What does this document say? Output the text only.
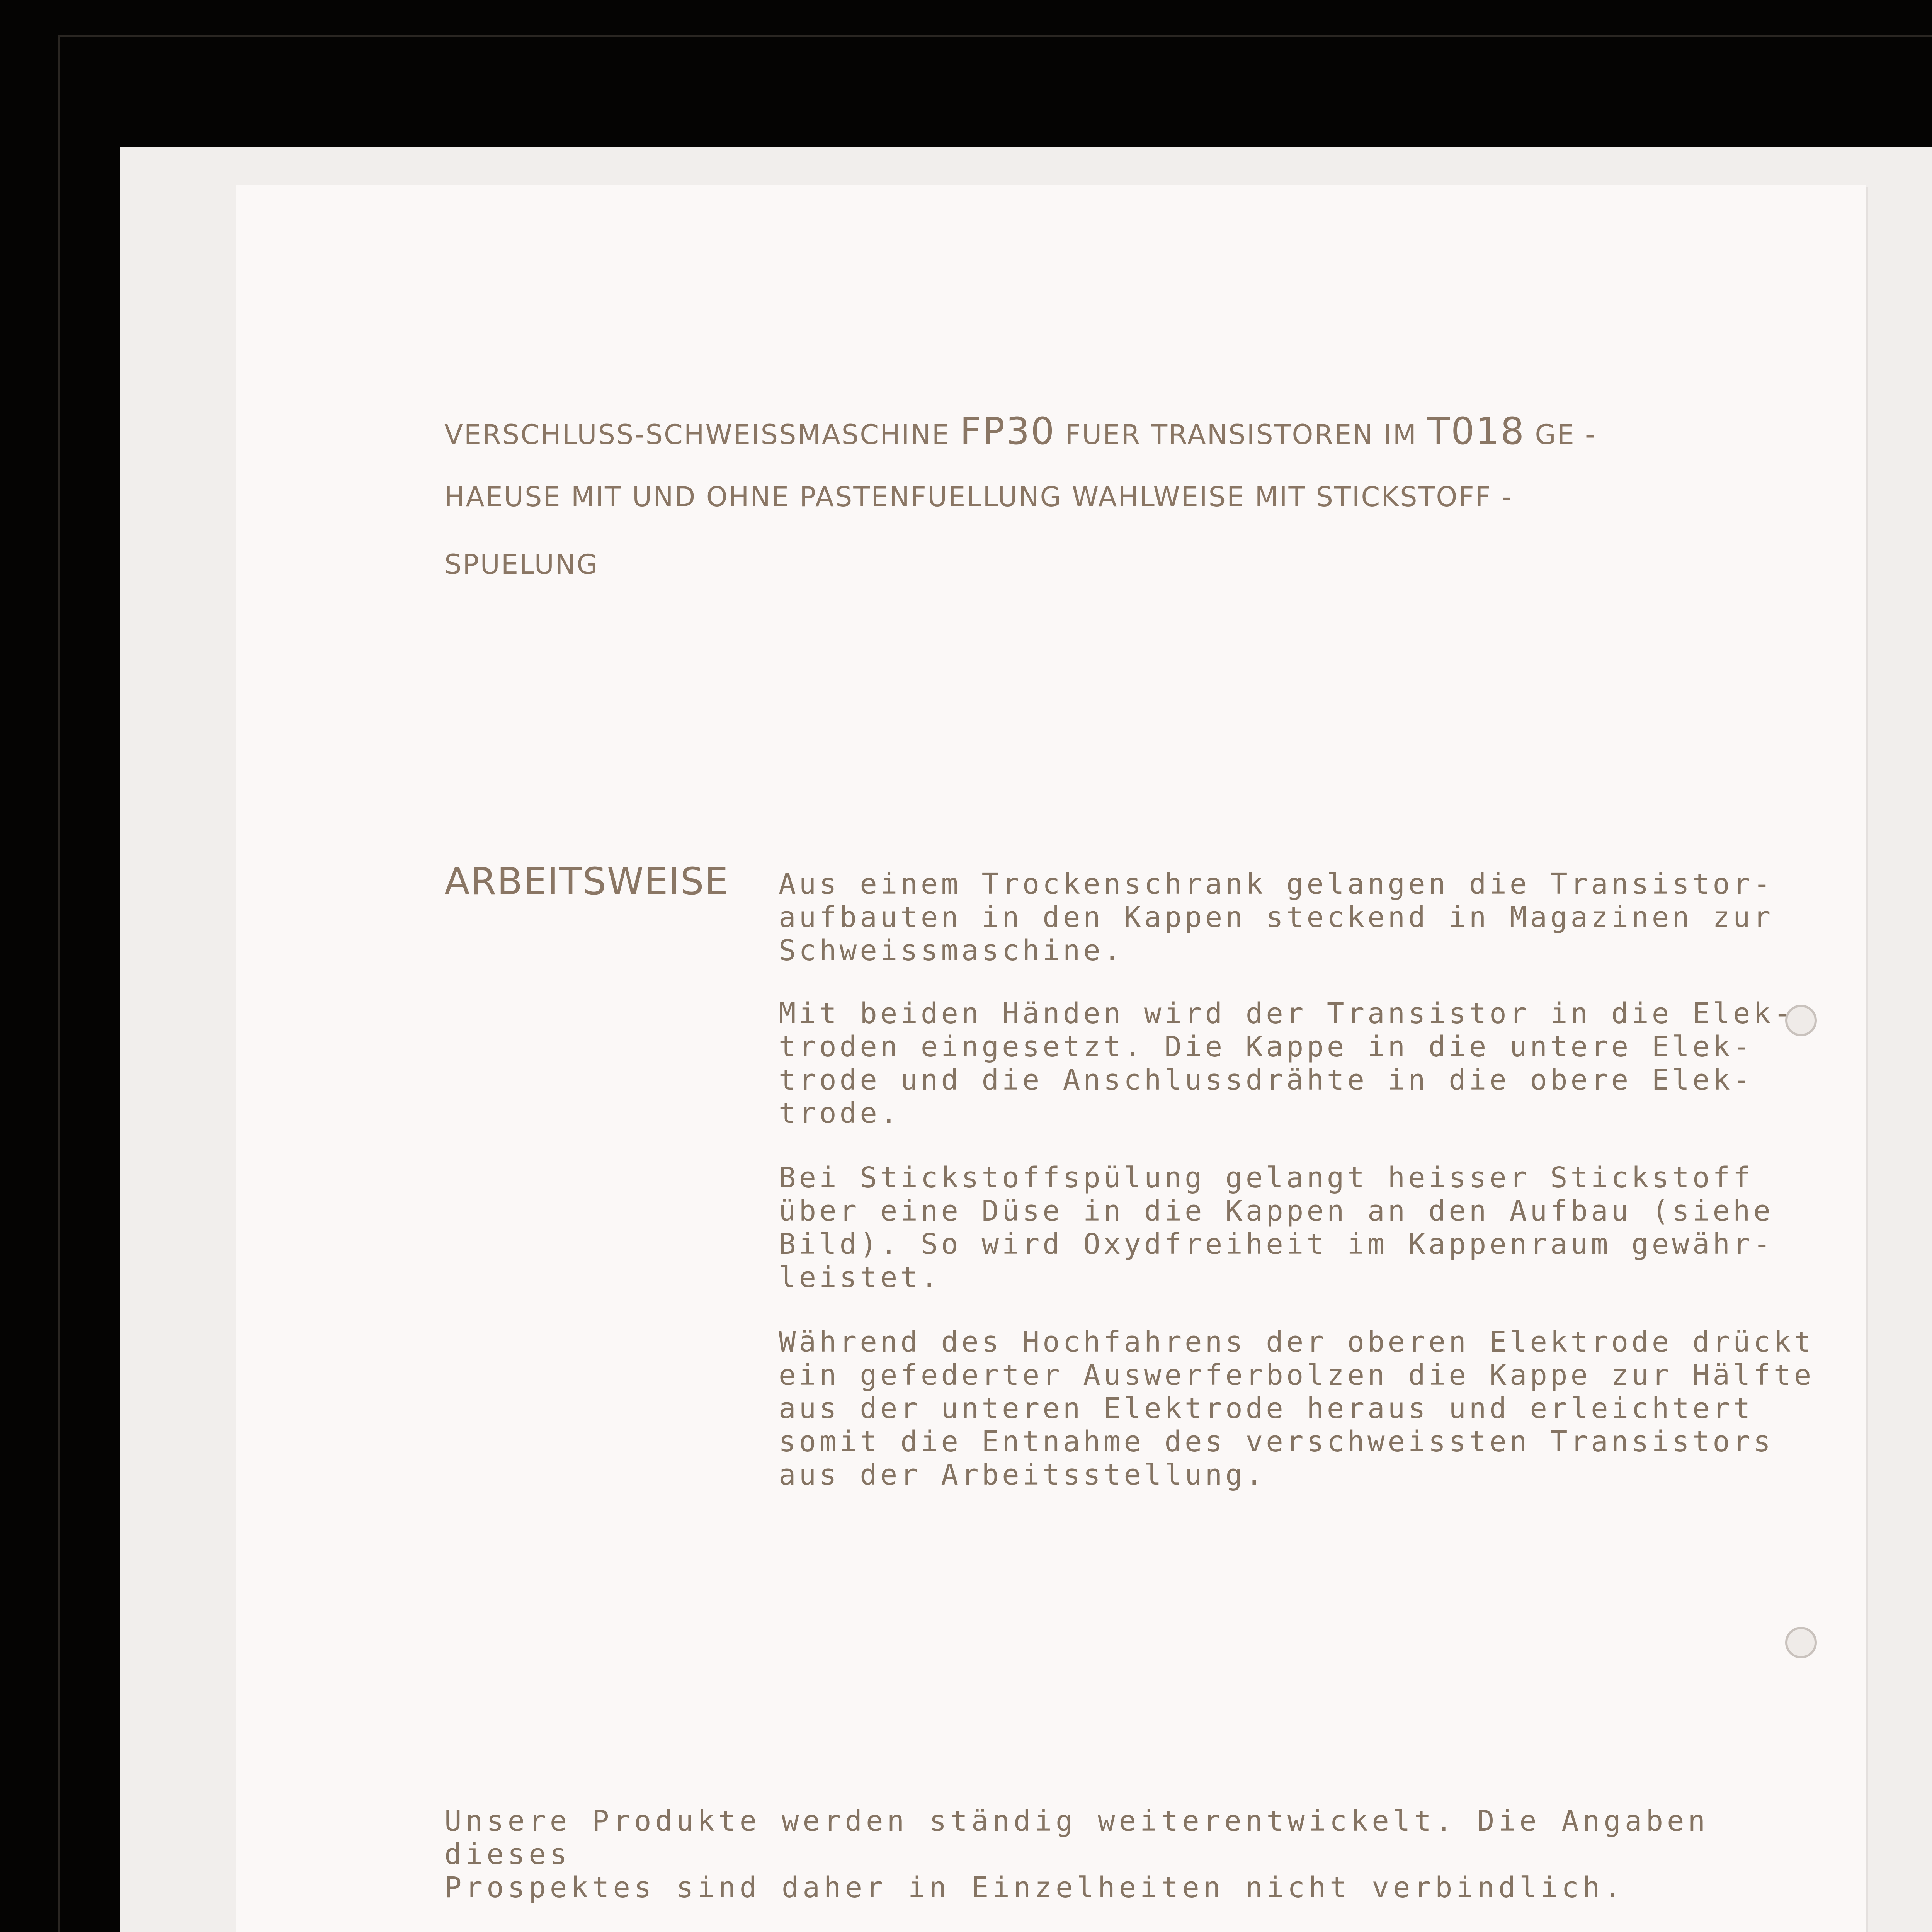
VERSCHLUSS-SCHWEISSMASCHINE FP30 FUER TRANSISTOREN IM T018 GE -
HAEUSE MIT UND OHNE PASTENFUELLUNG WAHLWEISE MIT STICKSTOFF -
SPUELUNG
ARBEITSWEISE Aus einem Trockenschrank gelangen die Transistor-
aufbauten in den Kappen steckend in Magazinen zur
Schweissmaschine.

Mit beiden Händen wird der Transistor in die Elek-
troden eingesetzt. Die Kappe in die untere Elek-
trode und die Anschlussdrähte in die obere Elek-
trode.

Bei Stickstoffspülung gelangt heisser Stickstoff
über eine Düse in die Kappen an den Aufbau (siehe
Bild). So wird Oxydfreiheit im Kappenraum gewähr-
leistet.

Während des Hochfahrens der oberen Elektrode drückt
ein gefederter Auswerferbolzen die Kappe zur Hälfte
aus der unteren Elektrode heraus und erleichtert
somit die Entnahme des verschweissten Transistors
aus der Arbeitsstellung.

Unsere Produkte werden ständig weiterentwickelt. Die Angaben dieses
Prospektes sind daher in Einzelheiten nicht verbindlich.
